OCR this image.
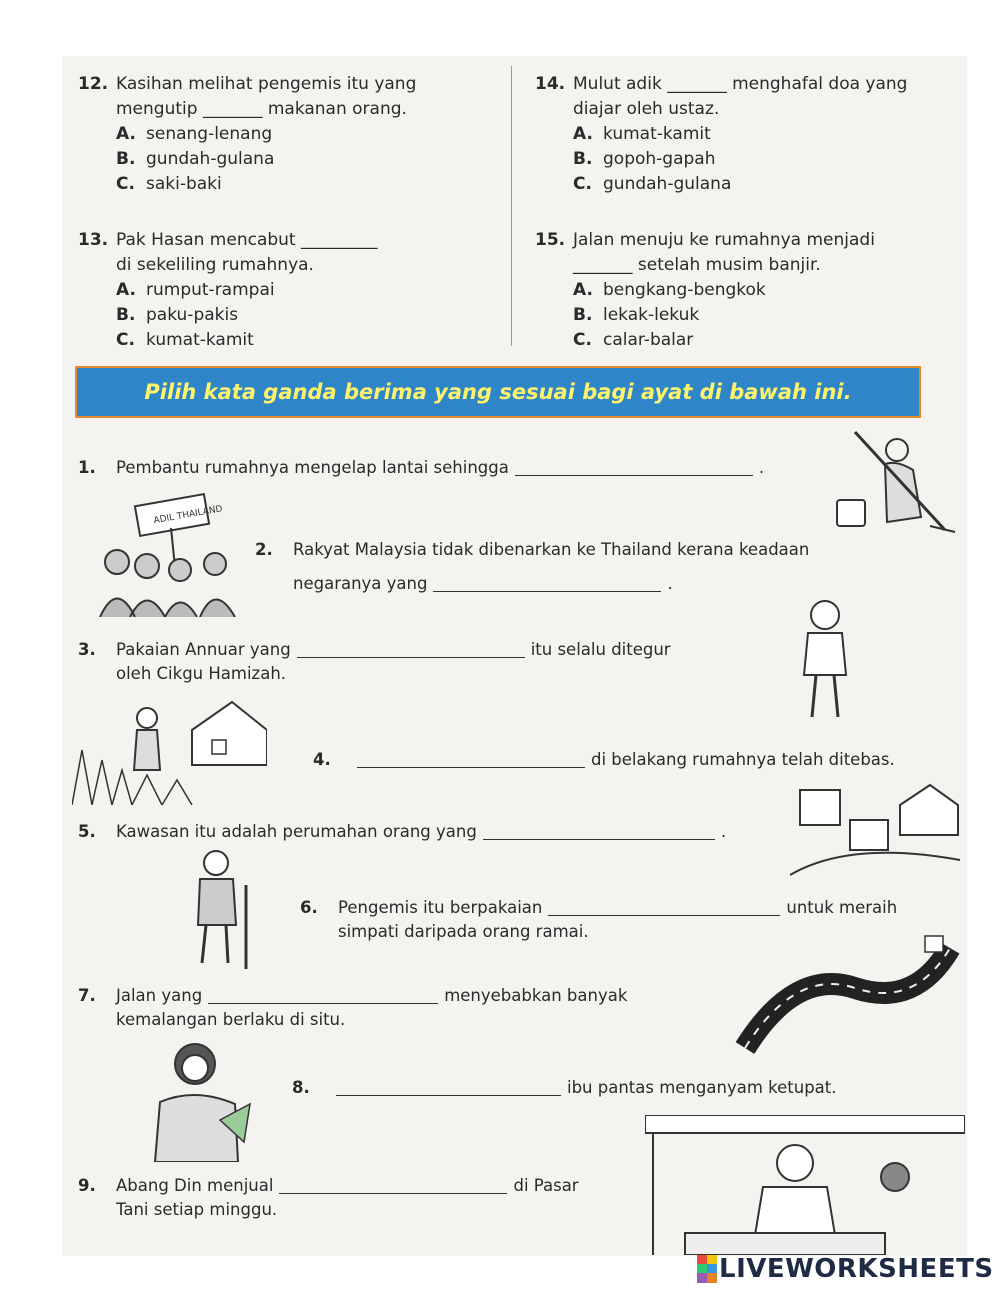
12. Kasihan melihat pengemis itu yang
mengutip _______ makanan orang.
A. senang-lenang
B. gundah-gulana
C. saki-baki
14. Mulut adik _______ menghafal doa yang
diajar oleh ustaz.
A. kumat-kamit
B. gopoh-gapah
C. gundah-gulana
13. Pak Hasan mencabut _________
di sekeliling rumahnya.
A. rumput-rampai
B. paku-pakis
C. kumat-kamit
15. Jalan menuju ke rumahnya menjadi
_______ setelah musim banjir.
A. bengkang-bengkok
B. lekak-lekuk
C. calar-balar
Pilih kata ganda berima yang sesuai bagi ayat di bawah ini.
1. Pembantu rumahnya mengelap lantai sehingga	.
2. Rakyat Malaysia tidak dibenarkan ke Thailand kerana keadaan
negaranya yang	.
3. Pakaian Annuar yang	itu selalu ditegur
oleh Cikgu Hamizah.
4.	di belakang rumahnya telah ditebas.
5. Kawasan itu adalah perumahan orang yang	.
6. Pengemis itu berpakaian	untuk meraih
simpati daripada orang ramai.
7. Jalan yang	menyebabkan banyak
kemalangan berlaku di situ.
8.	ibu pantas menganyam ketupat.
9. Abang Din menjual	di Pasar
Tani setiap minggu.
ADIL THAILAND
LIVEWORKSHEETS
